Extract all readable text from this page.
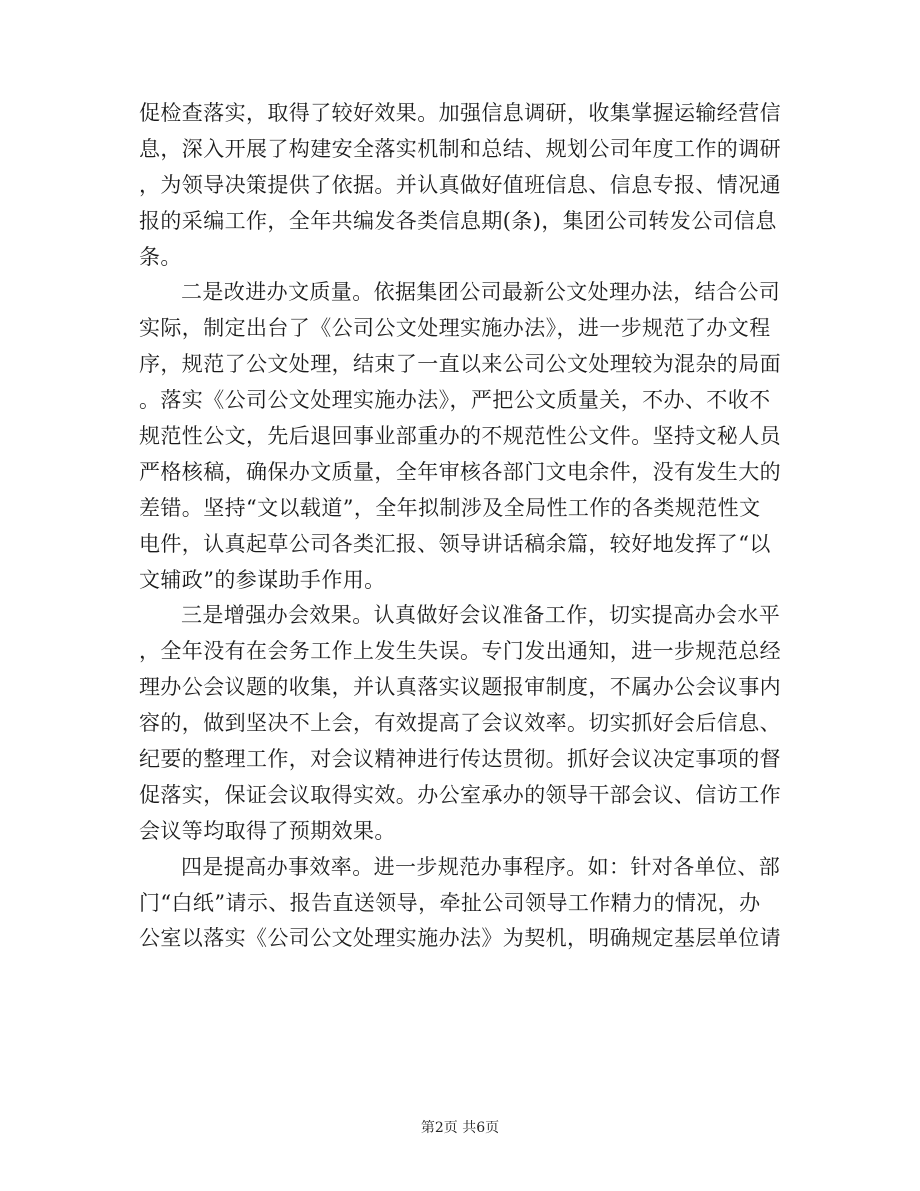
促检查落实，取得了较好效果。加强信息调研，收集掌握运输经营信
息，深入开展了构建安全落实机制和总结、规划公司年度工作的调研
，为领导决策提供了依据。并认真做好值班信息、信息专报、情况通
报的采编工作，全年共编发各类信息期(条)，集团公司转发公司信息
条。
二是改进办文质量。依据集团公司最新公文处理办法，结合公司
实际，制定出台了《公司公文处理实施办法》，进一步规范了办文程
序，规范了公文处理，结束了一直以来公司公文处理较为混杂的局面
。落实《公司公文处理实施办法》，严把公文质量关，不办、不收不
规范性公文，先后退回事业部重办的不规范性公文件。坚持文秘人员
严格核稿，确保办文质量，全年审核各部门文电余件，没有发生大的
差错。坚持“文以载道”，全年拟制涉及全局性工作的各类规范性文
电件，认真起草公司各类汇报、领导讲话稿余篇，较好地发挥了“以
文辅政”的参谋助手作用。
三是增强办会效果。认真做好会议准备工作，切实提高办会水平
，全年没有在会务工作上发生失误。专门发出通知，进一步规范总经
理办公会议题的收集，并认真落实议题报审制度，不属办公会议事内
容的，做到坚决不上会，有效提高了会议效率。切实抓好会后信息、
纪要的整理工作，对会议精神进行传达贯彻。抓好会议决定事项的督
促落实，保证会议取得实效。办公室承办的领导干部会议、信访工作
会议等均取得了预期效果。
四是提高办事效率。进一步规范办事程序。如：针对各单位、部
门“白纸”请示、报告直送领导，牵扯公司领导工作精力的情况，办
公室以落实《公司公文处理实施办法》为契机，明确规定基层单位请
第2页 共6页
